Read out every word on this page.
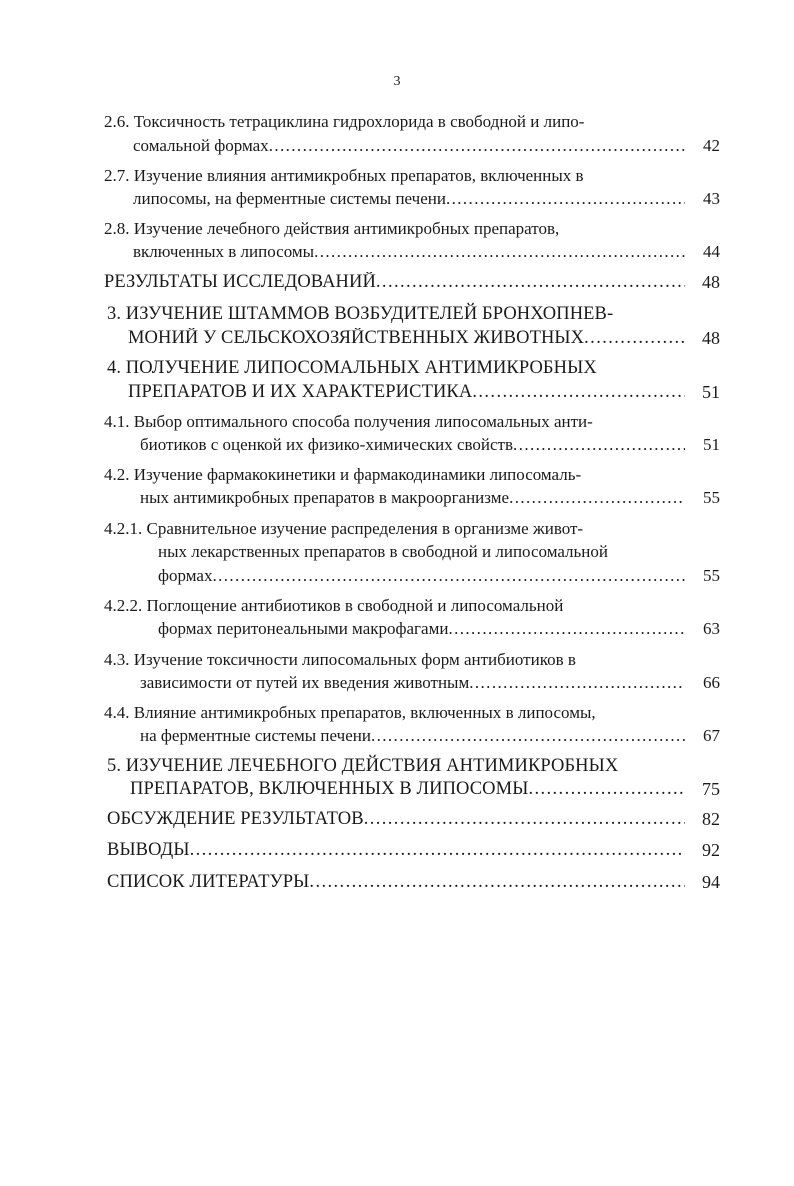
3
2.6. Токсичность тетрациклина гидрохлорида в свободной и липо-
сомальной формах .....	42
2.7. Изучение влияния антимикробных препаратов, включенных в
липосомы, на ферментные системы печени .....	43
2.8. Изучение лечебного действия антимикробных препаратов,
включенных в липосомы .....	44
РЕЗУЛЬТАТЫ ИССЛЕДОВАНИЙ .....	48
3. ИЗУЧЕНИЕ ШТАММОВ ВОЗБУДИТЕЛЕЙ БРОНХОПНЕВ-
МОНИЙ У СЕЛЬСКОХОЗЯЙСТВЕННЫХ ЖИВОТНЫХ .....	48
4. ПОЛУЧЕНИЕ ЛИПОСОМАЛЬНЫХ АНТИМИКРОБНЫХ
ПРЕПАРАТОВ И ИХ ХАРАКТЕРИСТИКА .....	51
4.1. Выбор оптимального способа получения липосомальных анти-
биотиков с оценкой их физико-химических свойств .....	51
4.2. Изучение фармакокинетики и фармакодинамики липосомаль-
ных антимикробных препаратов в макроорганизме .....	55
4.2.1. Сравнительное изучение распределения в организме живот-
ных лекарственных препаратов в свободной и липосомальной
формах .....	55
4.2.2. Поглощение антибиотиков в свободной и липосомальной
формах перитонеальными макрофагами .....	63
4.3. Изучение токсичности липосомальных форм антибиотиков в
зависимости от путей их введения животным .....	66
4.4. Влияние антимикробных препаратов, включенных в липосомы,
на ферментные системы печени .....	67
5. ИЗУЧЕНИЕ ЛЕЧЕБНОГО ДЕЙСТВИЯ АНТИМИКРОБНЫХ
ПРЕПАРАТОВ, ВКЛЮЧЕННЫХ В ЛИПОСОМЫ .....	75
ОБСУЖДЕНИЕ РЕЗУЛЬТАТОВ .....	82
ВЫВОДЫ .....	92
СПИСОК ЛИТЕРАТУРЫ .....	94
